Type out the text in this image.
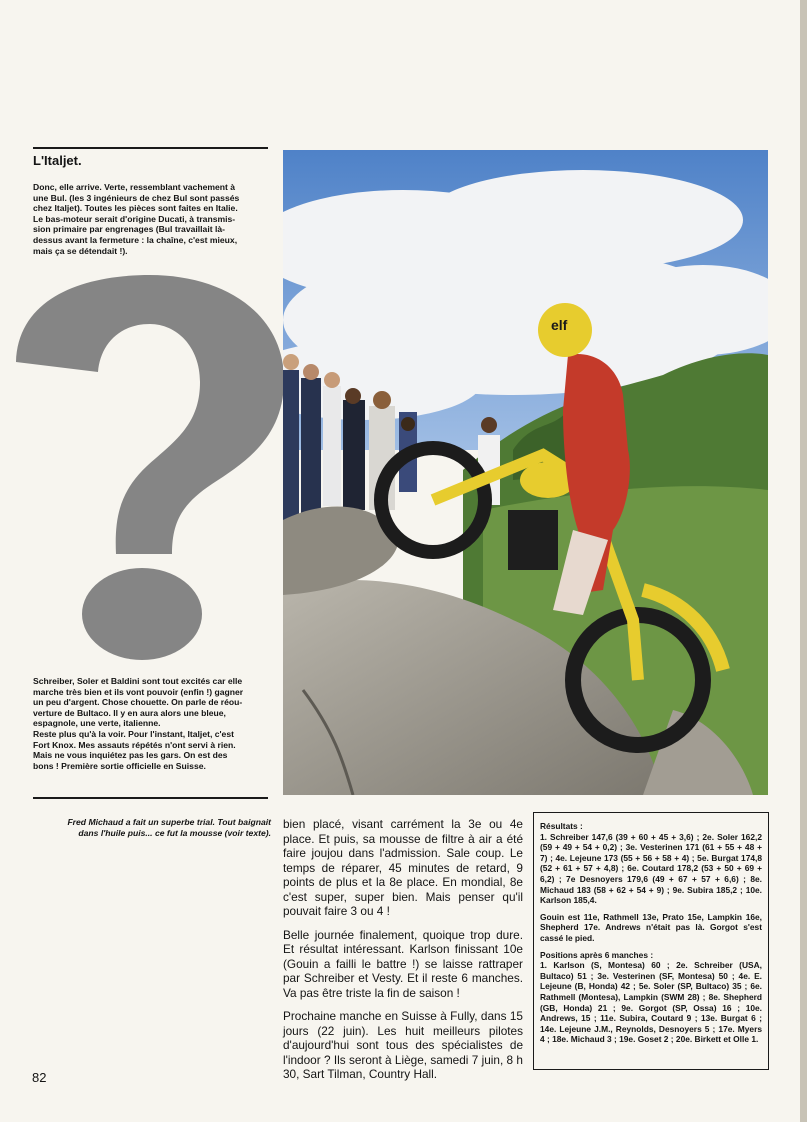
L'Italjet.

Donc, elle arrive. Verte, ressemblant vachement à
une Bul. (les 3 ingénieurs de chez Bul sont passés
chez Italjet). Toutes les pièces sont faites en Italie.
Le bas-moteur serait d'origine Ducati, à transmis-
sion primaire par engrenages (Bul travaillait là-
dessus avant la fermeture : la chaîne, c'est mieux,
mais ça se détendait !).

Schreiber, Soler et Baldini sont tout excités car elle
marche très bien et ils vont pouvoir (enfin !) gagner
un peu d'argent. Chose chouette. On parle de réou-
verture de Bultaco. Il y en aura alors une bleue,
espagnole, une verte, italienne.
Reste plus qu'à la voir. Pour l'instant, Italjet, c'est
Fort Knox. Mes assauts répétés n'ont servi à rien.
Mais ne vous inquiétez pas les gars. On est des
bons ! Première sortie officielle en Suisse.

elf

Fred Michaud a fait un superbe trial. Tout baignait
dans l'huile puis... ce fut la mousse (voir texte).

bien placé, visant carrément la 3e ou 4e place. Et puis, sa mousse de filtre à air a été faire joujou dans l'admission. Sale coup. Le temps de réparer, 45 minutes de retard, 9 points de plus et la 8e place. En mondial, 8e c'est super, super bien. Mais penser qu'il pouvait faire 3 ou 4 !

Belle journée finalement, quoique trop dure. Et résultat intéressant. Karlson finissant 10e (Gouin a failli le battre !) se laisse rattraper par Schreiber et Vesty. Et il reste 6 manches. Va pas être triste la fin de saison !

Prochaine manche en Suisse à Fully, dans 15 jours (22 juin). Les huit meilleurs pilotes d'aujourd'hui sont tous des spécialistes de l'indoor ? Ils seront à Liège, samedi 7 juin, 8 h 30, Sart Tilman, Country Hall.

Résultats :

1. Schreiber 147,6 (39 + 60 + 45 + 3,6) ; 2e. Soler 162,2 (59 + 49 + 54 + 0,2) ; 3e. Vesterinen 171 (61 + 55 + 48 + 7) ; 4e. Lejeune 173 (55 + 56 + 58 + 4) ; 5e. Burgat 174,8 (52 + 61 + 57 + 4,8) ; 6e. Coutard 178,2 (53 + 50 + 69 + 6,2) ; 7e Desnoyers 179,6 (49 + 67 + 57 + 6,6) ; 8e. Michaud 183 (58 + 62 + 54 + 9) ; 9e. Subira 185,2 ; 10e. Karlson 185,4.

Gouin est 11e, Rathmell 13e, Prato 15e, Lampkin 16e, Shepherd 17e. Andrews n'était pas là. Gorgot s'est cassé le pied.

Positions après 6 manches :

1. Karlson (S, Montesa) 60 ; 2e. Schreiber (USA, Bultaco) 51 ; 3e. Vesterinen (SF, Montesa) 50 ; 4e. E. Lejeune (B, Honda) 42 ; 5e. Soler (SP, Bultaco) 35 ; 6e. Rathmell (Montesa), Lampkin (SWM 28) ; 8e. Shepherd (GB, Honda) 21 ; 9e. Gorgot (SP, Ossa) 16 ; 10e. Andrews, 15 ; 11e. Subira, Coutard 9 ; 13e. Burgat 6 ; 14e. Lejeune J.M., Reynolds, Desnoyers 5 ; 17e. Myers 4 ; 18e. Michaud 3 ; 19e. Goset 2 ; 20e. Birkett et Olle 1.

82
